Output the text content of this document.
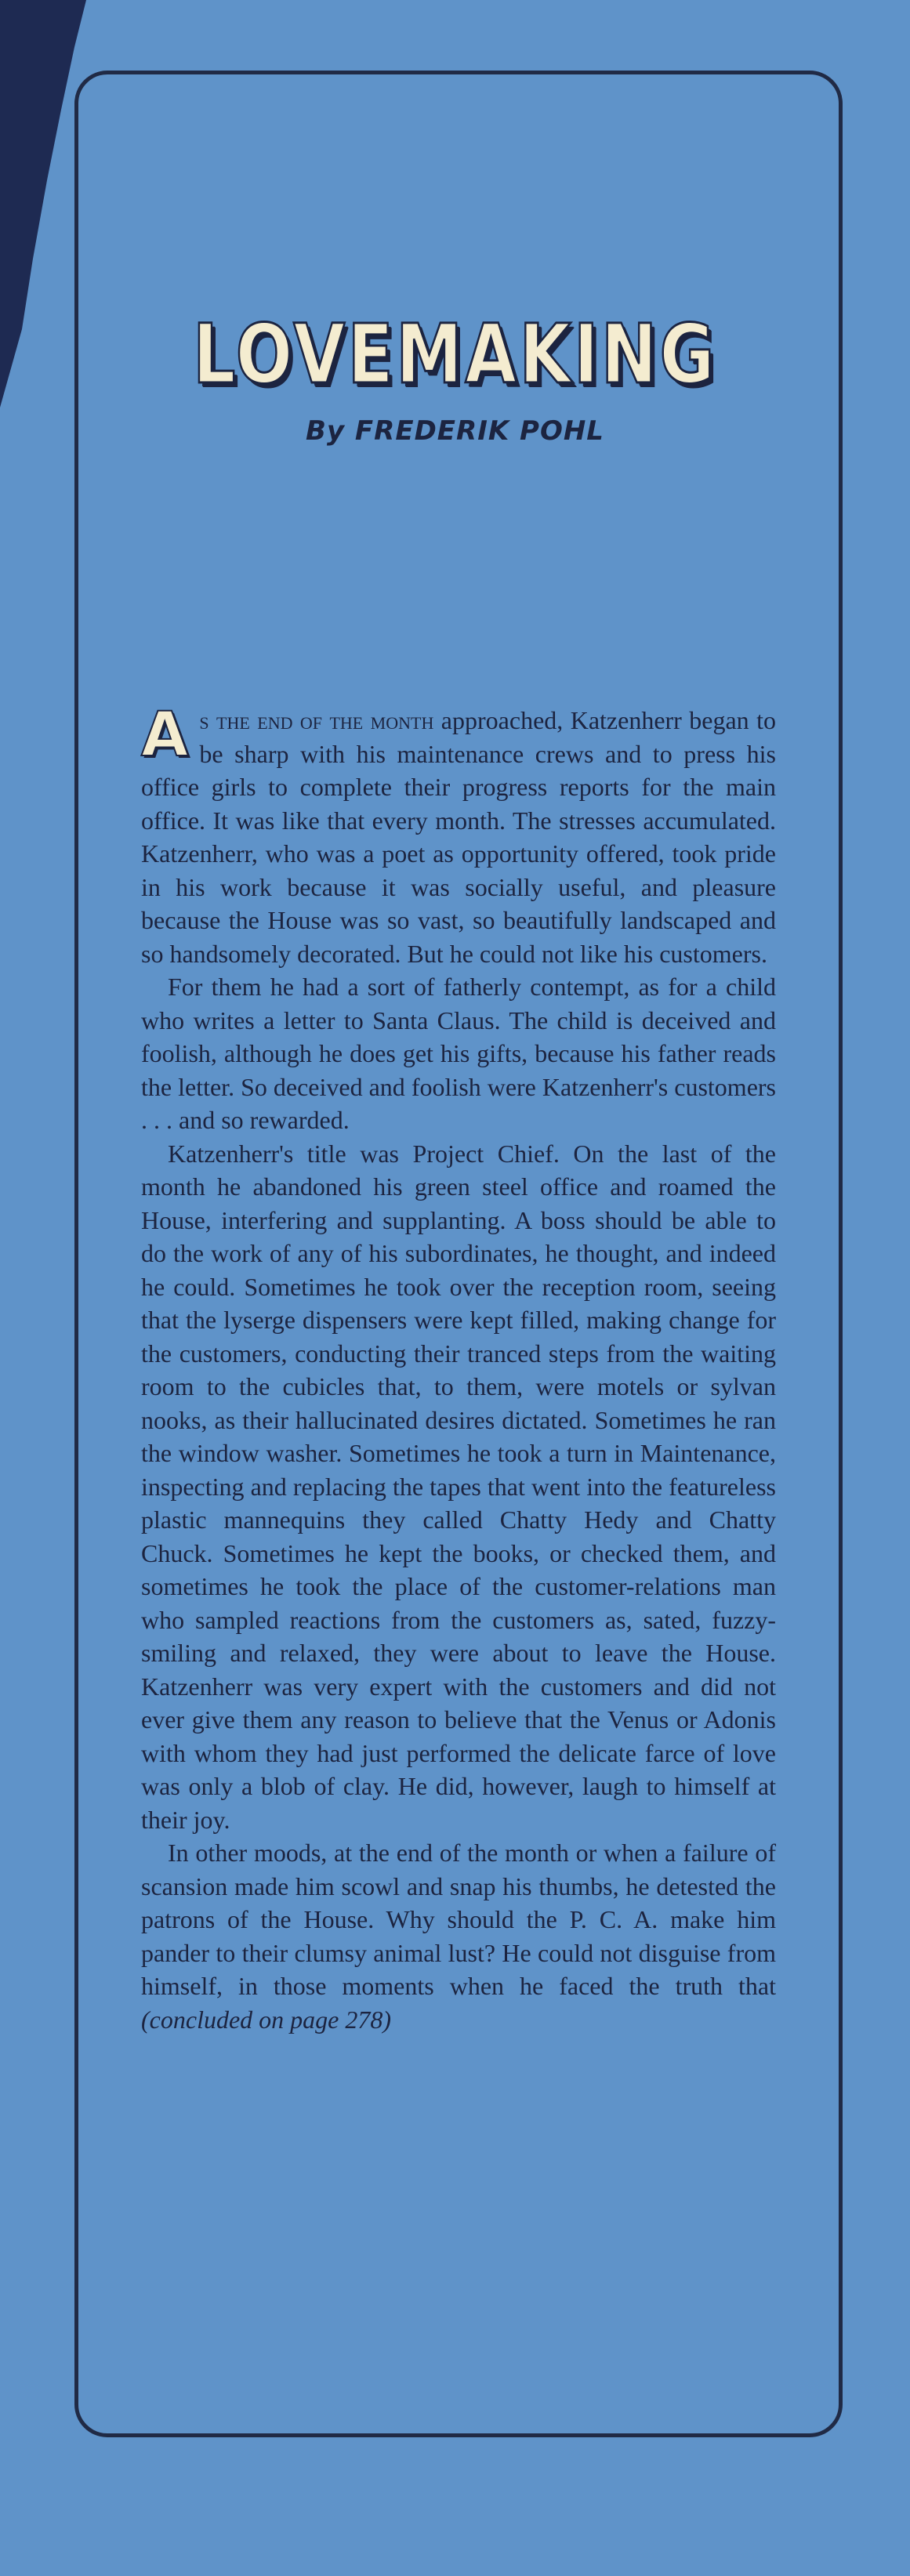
LOVEMAKING
By FREDERIK POHL

As the end of the month approached, Katzenherr began to be sharp with his maintenance crews and to press his office girls to complete their progress reports for the main office. It was like that every month. The stresses accumulated. Katzenherr, who was a poet as opportunity offered, took pride in his work because it was socially useful, and pleasure because the House was so vast, so beautifully landscaped and so handsomely decorated. But he could not like his customers.

For them he had a sort of fatherly contempt, as for a child who writes a letter to Santa Claus. The child is deceived and foolish, although he does get his gifts, because his father reads the letter. So deceived and foolish were Katzenherr's customers . . . and so rewarded.

Katzenherr's title was Project Chief. On the last of the month he abandoned his green steel office and roamed the House, interfering and supplanting. A boss should be able to do the work of any of his subordinates, he thought, and indeed he could. Sometimes he took over the reception room, seeing that the lyserge dispensers were kept filled, making change for the customers, conducting their tranced steps from the waiting room to the cubicles that, to them, were motels or sylvan nooks, as their hallucinated desires dictated. Sometimes he ran the window washer. Sometimes he took a turn in Maintenance, inspecting and replacing the tapes that went into the featureless plastic mannequins they called Chatty Hedy and Chatty Chuck. Sometimes he kept the books, or checked them, and sometimes he took the place of the customer-relations man who sampled reactions from the customers as, sated, fuzzy-smiling and relaxed, they were about to leave the House. Katzenherr was very expert with the customers and did not ever give them any reason to believe that the Venus or Adonis with whom they had just performed the delicate farce of love was only a blob of clay. He did, however, laugh to himself at their joy.

In other moods, at the end of the month or when a failure of scansion made him scowl and snap his thumbs, he detested the patrons of the House. Why should the P. C. A. make him pander to their clumsy animal lust? He could not disguise from himself, in those moments when he faced the truth that (concluded on page 278)
